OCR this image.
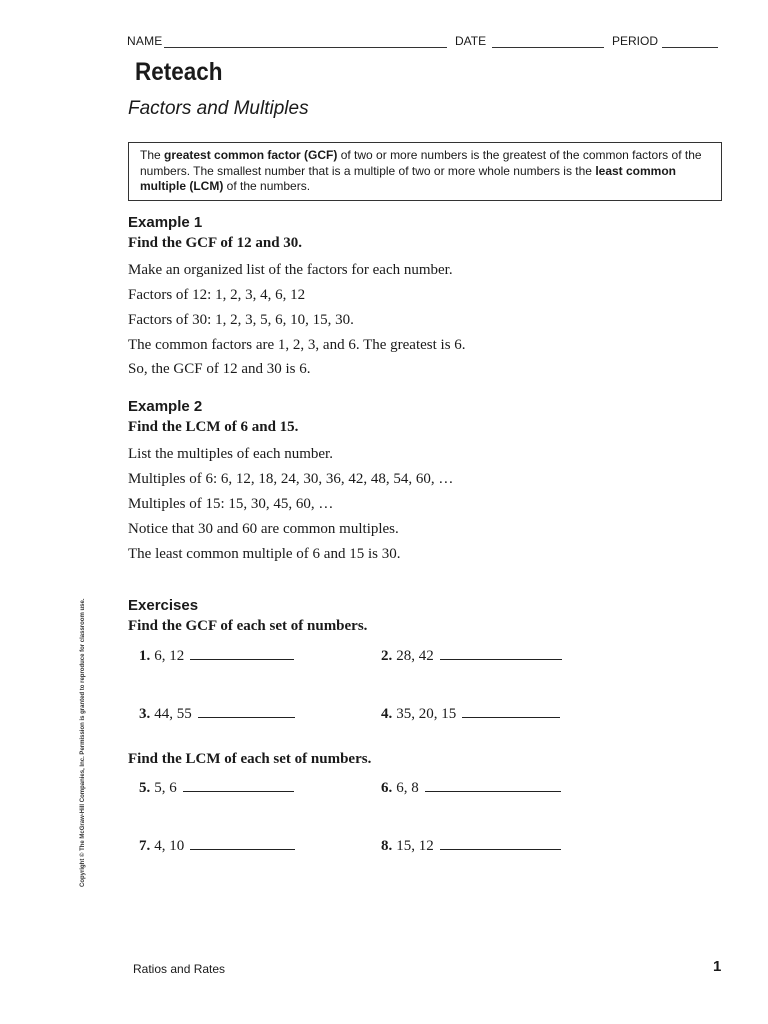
NAME	DATE	PERIOD
Reteach
Factors and Multiples
The greatest common factor (GCF) of two or more numbers is the greatest of the common factors of the numbers. The smallest number that is a multiple of two or more whole numbers is the least common multiple (LCM) of the numbers.
Example 1
Find the GCF of 12 and 30.
Make an organized list of the factors for each number.
Factors of 12: 1, 2, 3, 4, 6, 12
Factors of 30: 1, 2, 3, 5, 6, 10, 15, 30.
The common factors are 1, 2, 3, and 6. The greatest is 6.
So, the GCF of 12 and 30 is 6.
Example 2
Find the LCM of 6 and 15.
List the multiples of each number.
Multiples of 6: 6, 12, 18, 24, 30, 36, 42, 48, 54, 60, …
Multiples of 15: 15, 30, 45, 60, …
Notice that 30 and 60 are common multiples.
The least common multiple of 6 and 15 is 30.
Exercises
Find the GCF of each set of numbers.
1. 6, 12	2. 28, 42
3. 44, 55	4. 35, 20, 15
Find the LCM of each set of numbers.
5. 5, 6	6. 6, 8
7. 4, 10	8. 15, 12
Copyright © The McGraw-Hill Companies, Inc. Permission is granted to reproduce for classroom use.
Ratios and Rates	1
